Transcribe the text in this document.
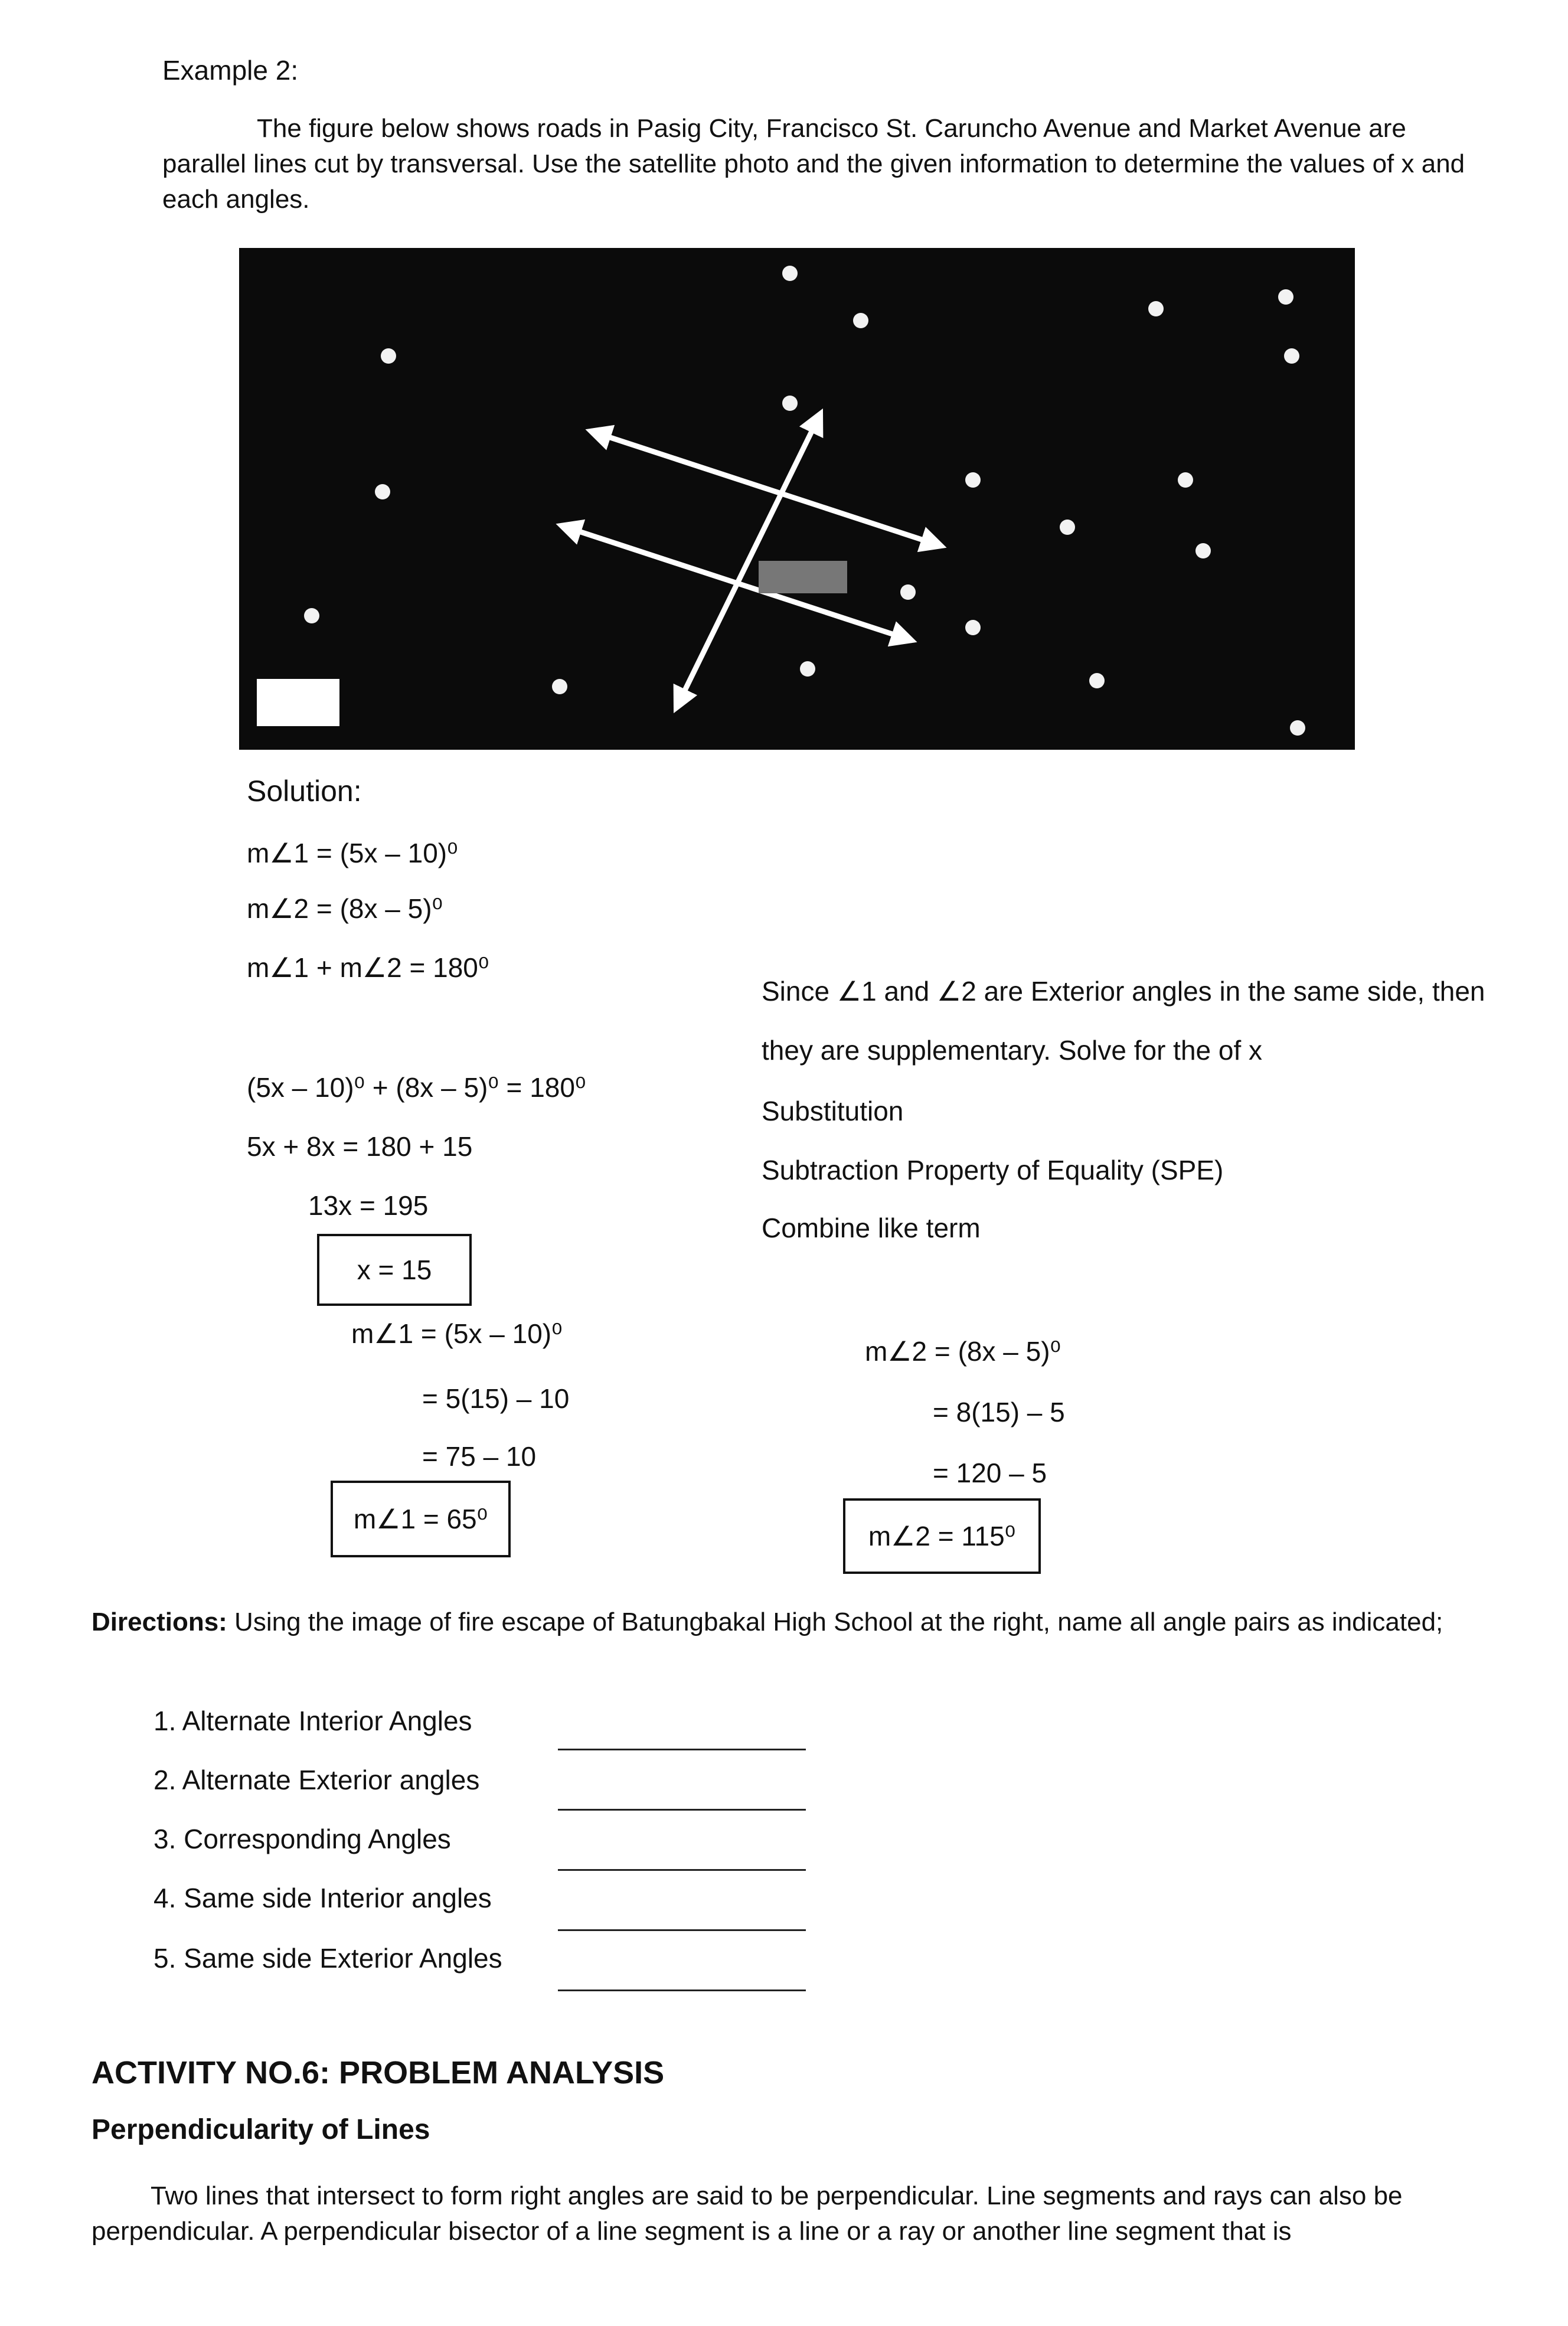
Example 2:
The figure below shows roads in Pasig City, Francisco St. Caruncho Avenue and Market Avenue are parallel lines cut by transversal. Use the satellite photo and the given information to determine the values of x and each angles.
Solution:
m∠1 = (5x – 10)⁰
m∠2 = (8x – 5)⁰
m∠1 + m∠2 = 180⁰
(5x – 10)⁰ + (8x – 5)⁰ = 180⁰
5x + 8x = 180 + 15
13x = 195
x = 15
Since ∠1 and ∠2 are Exterior angles in the same side, then
they are supplementary. Solve for the of x
Substitution
Subtraction Property of Equality (SPE)
Combine like term
m∠1 = (5x – 10)⁰
= 5(15) – 10
= 75 – 10
m∠1 = 65⁰
m∠2 = (8x – 5)⁰
= 8(15) – 5
= 120 – 5
m∠2 = 115⁰
Directions: Using the image of fire escape of Batungbakal High School at the right, name all angle pairs as indicated;
1. Alternate Interior Angles
2. Alternate Exterior angles
3. Corresponding Angles
4. Same side Interior angles
5. Same side Exterior Angles
ACTIVITY NO.6: PROBLEM ANALYSIS
Perpendicularity of Lines
Two lines that intersect to form right angles are said to be perpendicular. Line segments and rays can also be perpendicular. A perpendicular bisector of a line segment is a line or a ray or another line segment that is
